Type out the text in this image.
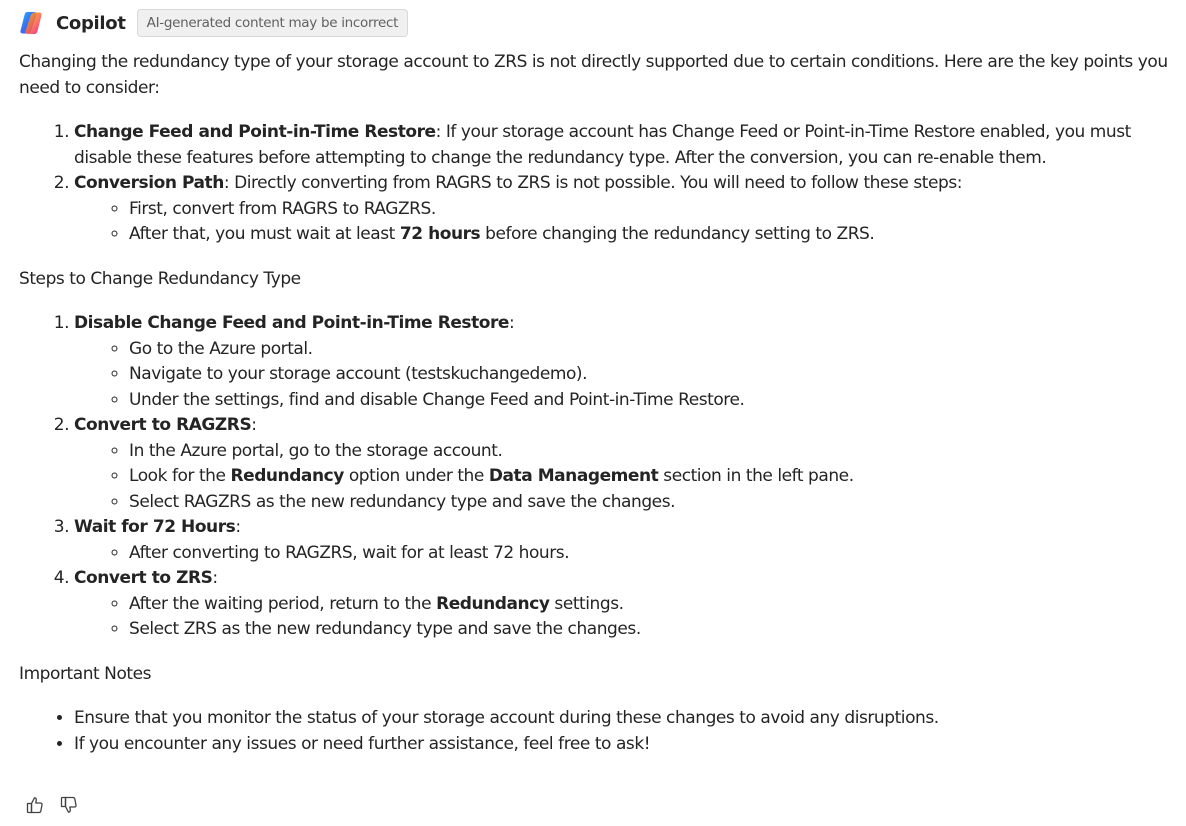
Copilot	AI-generated content may be incorrect

Changing the redundancy type of your storage account to ZRS is not directly supported due to certain conditions. Here are the key points you need to consider:

1. Change Feed and Point-in-Time Restore: If your storage account has Change Feed or Point-in-Time Restore enabled, you must disable these features before attempting to change the redundancy type. After the conversion, you can re-enable them.
2. Conversion Path: Directly converting from RAGRS to ZRS is not possible. You will need to follow these steps:
◦ First, convert from RAGRS to RAGZRS.
◦ After that, you must wait at least 72 hours before changing the redundancy setting to ZRS.

Steps to Change Redundancy Type

1. Disable Change Feed and Point-in-Time Restore:
◦ Go to the Azure portal.
◦ Navigate to your storage account (testskuchangedemo).
◦ Under the settings, find and disable Change Feed and Point-in-Time Restore.
2. Convert to RAGZRS:
◦ In the Azure portal, go to the storage account.
◦ Look for the Redundancy option under the Data Management section in the left pane.
◦ Select RAGZRS as the new redundancy type and save the changes.
3. Wait for 72 Hours:
◦ After converting to RAGZRS, wait for at least 72 hours.
4. Convert to ZRS:
◦ After the waiting period, return to the Redundancy settings.
◦ Select ZRS as the new redundancy type and save the changes.

Important Notes

• Ensure that you monitor the status of your storage account during these changes to avoid any disruptions.
• If you encounter any issues or need further assistance, feel free to ask!
